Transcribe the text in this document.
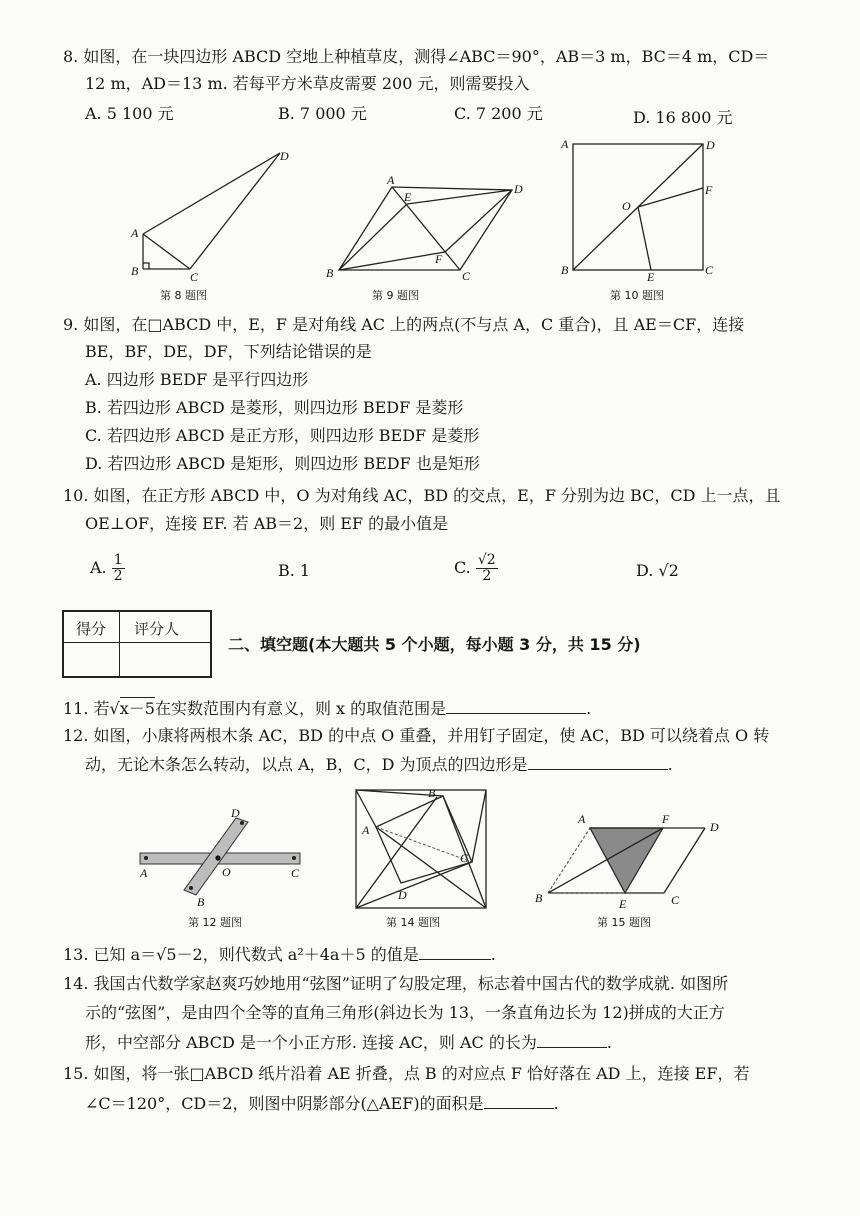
8. 如图，在一块四边形 ABCD 空地上种植草皮，测得∠ABC＝90°，AB＝3 m，BC＝4 m，CD＝
12 m，AD＝13 m. 若每平方米草皮需要 200 元，则需要投入
A. 5 100 元	B. 7 000 元	C. 7 200 元	D. 16 800 元
D
A
B	C
第 8 题图
A
E
D
F
B	C
第 9 题图
A	D
F
O
B	E	C
第 10 题图
9. 如图，在□ABCD 中，E，F 是对角线 AC 上的两点(不与点 A，C 重合)，且 AE＝CF，连接
BE，BF，DE，DF，下列结论错误的是
A. 四边形 BEDF 是平行四边形
B. 若四边形 ABCD 是菱形，则四边形 BEDF 是菱形
C. 若四边形 ABCD 是正方形，则四边形 BEDF 是菱形
D. 若四边形 ABCD 是矩形，则四边形 BEDF 也是矩形
10. 如图，在正方形 ABCD 中，O 为对角线 AC，BD 的交点，E，F 分别为边 BC，CD 上一点，且
OE⊥OF，连接 EF. 若 AB＝2，则 EF 的最小值是
A. $\frac{1}{2}$	B. 1	C. $\frac{√2}{2}$	D. √2
得分 评分人
二、填空题(本大题共 5 个小题，每小题 3 分，共 15 分)
11. 若√x－5在实数范围内有意义，则 x 的取值范围是	.
12. 如图，小康将两根木条 AC，BD 的中点 O 重叠，并用钉子固定，使 AC，BD 可以绕着点 O 转
动，无论木条怎么转动，以点 A，B，C，D 为顶点的四边形是	.
A	C
D
B
O
第 12 题图
A
B
C
D
第 14 题图
A	F
D
B	E	C
第 15 题图
13. 已知 a＝√5－2，则代数式 a²＋4a＋5 的值是	.
14. 我国古代数学家赵爽巧妙地用“弦图”证明了勾股定理，标志着中国古代的数学成就. 如图所
示的“弦图”，是由四个全等的直角三角形(斜边长为 13，一条直角边长为 12)拼成的大正方
形，中空部分 ABCD 是一个小正方形. 连接 AC，则 AC 的长为	.
15. 如图，将一张□ABCD 纸片沿着 AE 折叠，点 B 的对应点 F 恰好落在 AD 上，连接 EF，若
∠C＝120°，CD＝2，则图中阴影部分(△AEF)的面积是	.
